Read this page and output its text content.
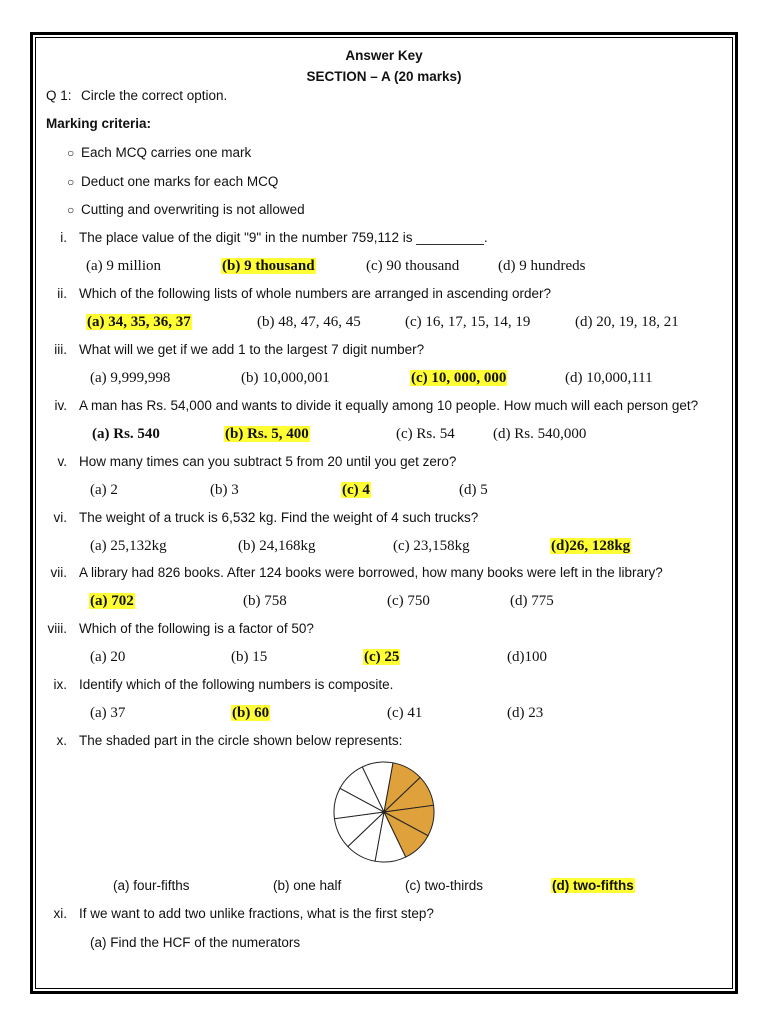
Answer Key
SECTION – A (20 marks)
Q 1: Circle the correct option.
Marking criteria:
○ Each MCQ carries one mark
○ Deduct one marks for each MCQ
○ Cutting and overwriting is not allowed
i. The place value of the digit "9" in the number 759,112 is _________.
(a) 9 million	(b) 9 thousand	(c) 90 thousand	(d) 9 hundreds
ii. Which of the following lists of whole numbers are arranged in ascending order?
(a) 34, 35, 36, 37	(b) 48, 47, 46, 45	(c) 16, 17, 15, 14, 19	(d) 20, 19, 18, 21
iii. What will we get if we add 1 to the largest 7 digit number?
(a) 9,999,998	(b) 10,000,001	(c) 10, 000, 000	(d) 10,000,111
iv. A man has Rs. 54,000 and wants to divide it equally among 10 people. How much will each person get?
(a) Rs. 540	(b) Rs. 5, 400	(c) Rs. 54	(d) Rs. 540,000
v. How many times can you subtract 5 from 20 until you get zero?
(a) 2	(b) 3	(c) 4	(d) 5
vi. The weight of a truck is 6,532 kg. Find the weight of 4 such trucks?
(a) 25,132kg	(b) 24,168kg	(c) 23,158kg	(d)26, 128kg
vii. A library had 826 books. After 124 books were borrowed, how many books were left in the library?
(a) 702	(b) 758	(c) 750	(d) 775
viii. Which of the following is a factor of 50?
(a) 20	(b) 15	(c) 25	(d)100
ix. Identify which of the following numbers is composite.
(a) 37	(b) 60	(c) 41	(d) 23
x. The shaded part in the circle shown below represents:
(a) four-fifths	(b) one half	(c) two-thirds	(d) two-fifths
xi. If we want to add two unlike fractions, what is the first step?
(a) Find the HCF of the numerators
